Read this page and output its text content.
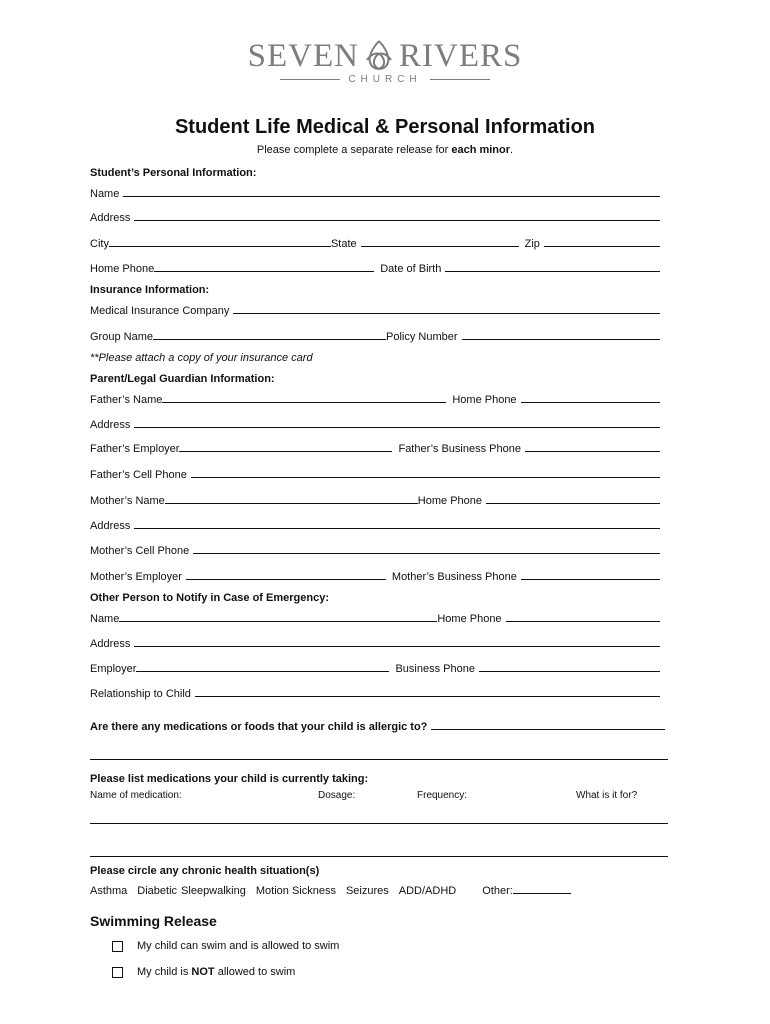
SEVEN RIVERS
CHURCH
Student Life Medical & Personal Information
Please complete a separate release for each minor.
Student’s Personal Information:
Name
Address
City	State	Zip
Home Phone	Date of Birth
Insurance Information:
Medical Insurance Company
Group Name	Policy Number
**Please attach a copy of your insurance card
Parent/Legal Guardian Information:
Father’s Name	Home Phone
Address
Father’s Employer	Father’s Business Phone
Father’s Cell Phone
Mother’s Name	Home Phone
Address
Mother’s Cell Phone
Mother’s Employer	Mother’s Business Phone
Other Person to Notify in Case of Emergency:
Name	Home Phone
Address
Employer	Business Phone
Relationship to Child
Are there any medications or foods that your child is allergic to?
Please list medications your child is currently taking:
Name of medication:	Dosage:	Frequency:	What is it for?
Please circle any chronic health situation(s)
Asthma Diabetic Sleepwalking Motion Sickness Seizures ADD/ADHD Other:
Swimming Release
My child can swim and is allowed to swim
My child is NOT allowed to swim
